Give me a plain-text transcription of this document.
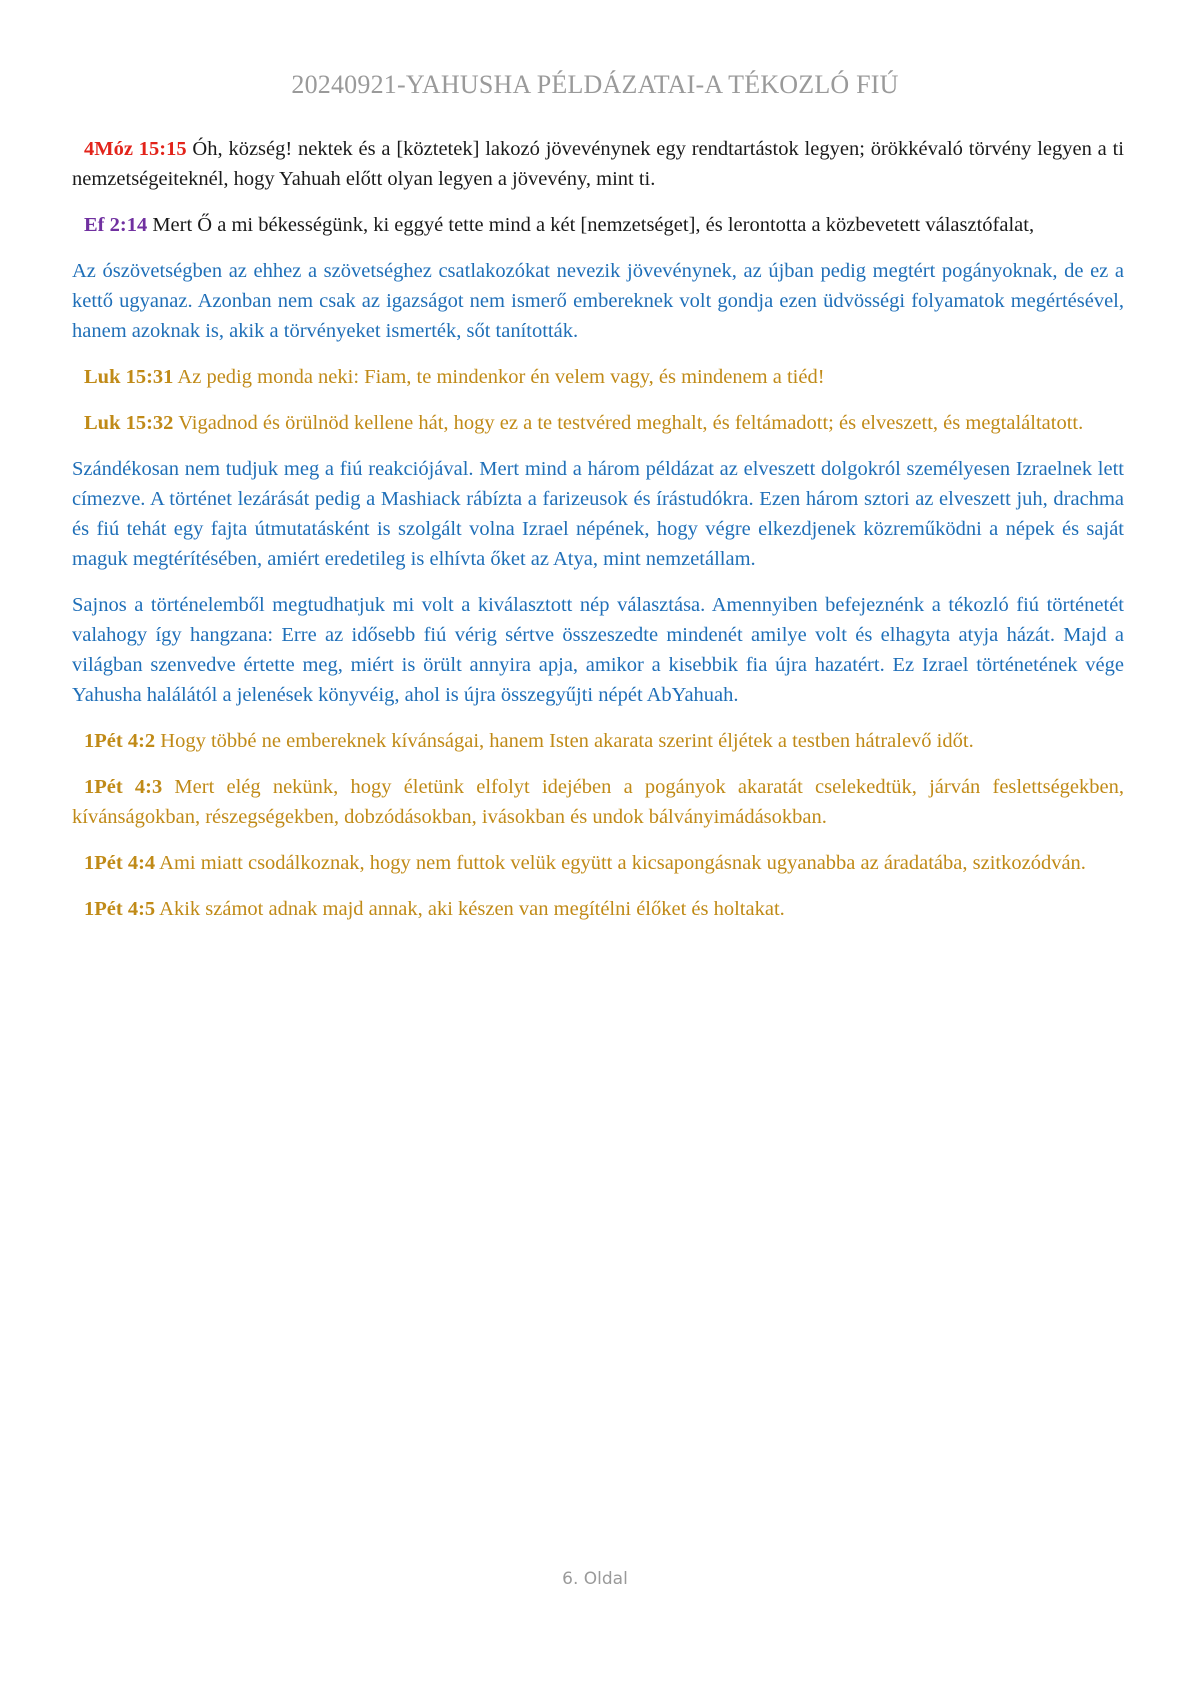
20240921-YAHUSHA PÉLDÁZATAI-A TÉKOZLÓ FIÚ

4Móz 15:15 Óh, község! nektek és a [köztetek] lakozó jövevénynek egy rendtartástok legyen; örökkévaló törvény legyen a ti nemzetségeiteknél, hogy Yahuah előtt olyan legyen a jövevény, mint ti.

Ef 2:14 Mert Ő a mi békességünk, ki eggyé tette mind a két [nemzetséget], és lerontotta a közbevetett választófalat,

Az ószövetségben az ehhez a szövetséghez csatlakozókat nevezik jövevénynek, az újban pedig megtért pogányoknak, de ez a kettő ugyanaz. Azonban nem csak az igazságot nem ismerő embereknek volt gondja ezen üdvösségi folyamatok megértésével, hanem azoknak is, akik a törvényeket ismerték, sőt tanították.

Luk 15:31 Az pedig monda neki: Fiam, te mindenkor én velem vagy, és mindenem a tiéd!

Luk 15:32 Vigadnod és örülnöd kellene hát, hogy ez a te testvéred meghalt, és feltámadott; és elveszett, és megtaláltatott.

Szándékosan nem tudjuk meg a fiú reakciójával. Mert mind a három példázat az elveszett dolgokról személyesen Izraelnek lett címezve. A történet lezárását pedig a Mashiack rábízta a farizeusok és írástudókra. Ezen három sztori az elveszett juh, drachma és fiú tehát egy fajta útmutatásként is szolgált volna Izrael népének, hogy végre elkezdjenek közreműködni a népek és saját maguk megtérítésében, amiért eredetileg is elhívta őket az Atya, mint nemzetállam.

Sajnos a történelemből megtudhatjuk mi volt a kiválasztott nép választása. Amennyiben befejeznénk a tékozló fiú történetét valahogy így hangzana: Erre az idősebb fiú vérig sértve összeszedte mindenét amilye volt és elhagyta atyja házát. Majd a világban szenvedve értette meg, miért is örült annyira apja, amikor a kisebbik fia újra hazatért. Ez Izrael történetének vége Yahusha halálától a jelenések könyvéig, ahol is újra összegyűjti népét AbYahuah.

1Pét 4:2 Hogy többé ne embereknek kívánságai, hanem Isten akarata szerint éljétek a testben hátralevő időt.

1Pét 4:3 Mert elég nekünk, hogy életünk elfolyt idejében a pogányok akaratát cselekedtük, járván feslettségekben, kívánságokban, részegségekben, dobzódásokban, ivásokban és undok bálványimádásokban.

1Pét 4:4 Ami miatt csodálkoznak, hogy nem futtok velük együtt a kicsapongásnak ugyanabba az áradatába, szitkozódván.

1Pét 4:5 Akik számot adnak majd annak, aki készen van megítélni élőket és holtakat.

6. Oldal
